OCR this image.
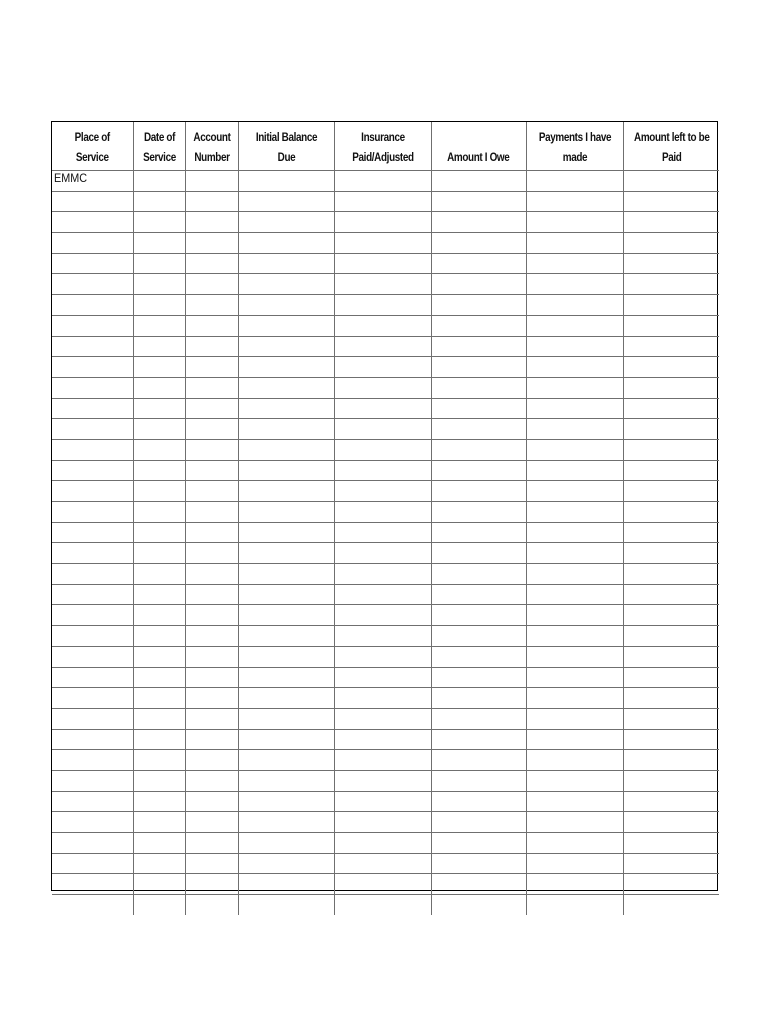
Place of Service	Date of Service	Account Number	Initial Balance Due	Insurance Paid/Adjusted	Amount I Owe	Payments I have made	Amount left to be Paid
EMMC							
